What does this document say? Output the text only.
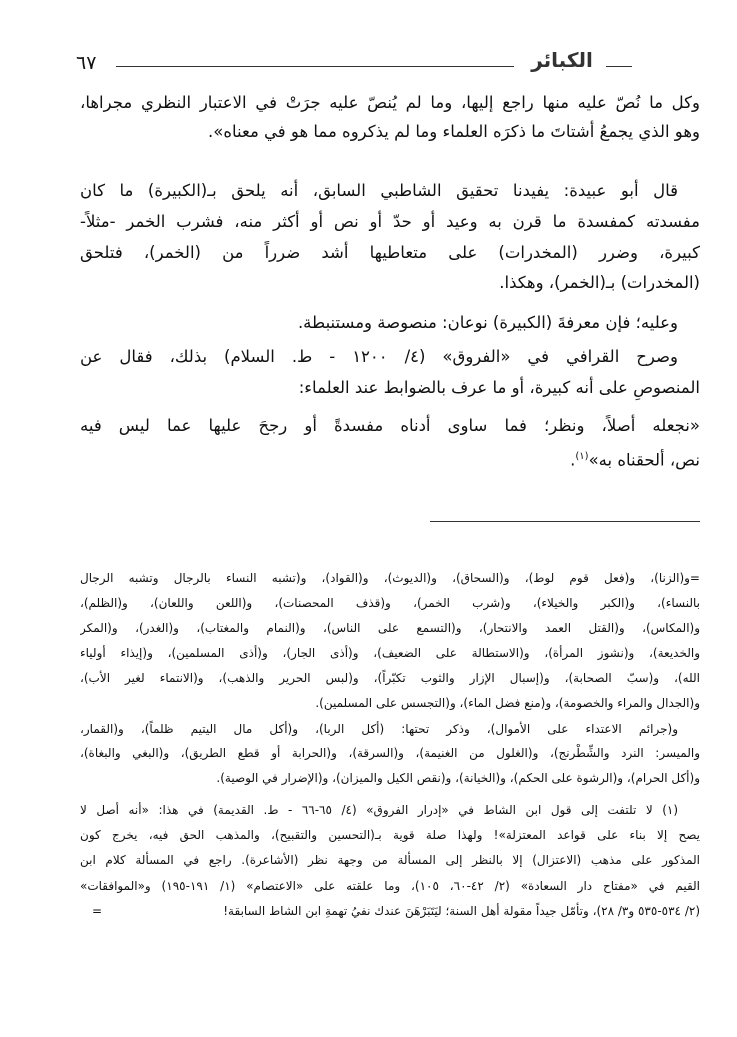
٦٧	الكبائر
وكل ما نُصّ عليه منها راجع إليها، وما لم يُنصّ عليه جرَتْ في الاعتبار النظري مجراها،
وهو الذي يجمعُ أشتاتَ ما ذكرَه العلماء وما لم يذكروه مما هو في معناه».
قال أبو عبيدة: يفيدنا تحقيق الشاطبي السابق، أنه يلحق بـ(الكبيرة) ما كان
مفسدته كمفسدة ما قرن به وعيد أو حدّ أو نص أو أكثر منه، فشرب الخمر -مثلاً-
كبيرة، وضرر (المخدرات) على متعاطيها أشد ضرراً من (الخمر)، فتلحق
(المخدرات) بـ(الخمر)، وهكذا.
وعليه؛ فإن معرفةَ (الكبيرة) نوعان: منصوصة ومستنبطة.
وصرح القرافي في «الفروق» (٤/ ١٢٠٠ - ط. السلام) بذلك، فقال عن
المنصوصِ على أنه كبيرة، أو ما عرف بالضوابط عند العلماء:
«نجعله أصلاً، ونظر؛ فما ساوى أدناه مفسدةً أو رجحَ عليها عما ليس فيه
نص، ألحقناه به»$^{(١)}$.
=و(الزنا)، و(فعل قوم لوط)، و(السحاق)، و(الديوث)، و(القواد)، و(تشبه النساء بالرجال وتشبه الرجال
بالنساء)، و(الكبر والخيلاء)، و(شرب الخمر)، و(قذف المحصنات)، و(اللعن واللعان)، و(الظلم)،
و(المكاس)، و(القتل العمد والانتحار)، و(التسمع على الناس)، و(النمام والمغتاب)، و(الغدر)، و(المكر
والخديعة)، و(نشوز المرأة)، و(الاستطالة على الضعيف)، و(أذى الجار)، و(أذى المسلمين)، و(إيذاء أولياء
الله)، و(سبّ الصحابة)، و(إسبال الإزار والثوب تكبّراً)، و(لبس الحرير والذهب)، و(الانتماء لغير الأب)،
و(الجدال والمراء والخصومة)، و(منع فضل الماء)، و(التجسس على المسلمين).
و(جرائم الاعتداء على الأموال)، وذكر تحتها: (أكل الربا)، و(أكل مال اليتيم ظلماً)، و(القمار،
والميسر: النرد والشِّطْرنج)، و(الغلول من الغنيمة)، و(السرقة)، و(الحرابة أو قطع الطريق)، و(البغي والبغاة)،
و(أكل الحرام)، و(الرشوة على الحكم)، و(الخيانة)، و(نقص الكيل والميزان)، و(الإضرار في الوصية).
(١) لا تلتفت إلى قول ابن الشاط في «إدرار الفروق» (٤/ ٦٥-٦٦ - ط. القديمة) في هذا: «أنه أصل لا
يصح إلا بناء على قواعد المعتزلة»! ولهذا صلة قوية بـ(التحسين والتقبيح)، والمذهب الحق فيه، يخرج كون
المذكور على مذهب (الاعتزال) إلا بالنظر إلى المسألة من وجهة نظر (الأشاعرة). راجع في المسألة كلام ابن
القيم في «مفتاح دار السعادة» (٢/ ٤٢-٦٠، ١٠٥)، وما علقته على «الاعتصام» (١/ ١٩١-١٩٥) و«الموافقات»
(٢/ ٥٣٤-٥٣٥ و٣/ ٢٨)، وتأمّل جيداً مقولة أهل السنة؛ ليَتَبَرْهَنَ عندك نفيُ تهمةِ ابن الشاط السابقة!
=
